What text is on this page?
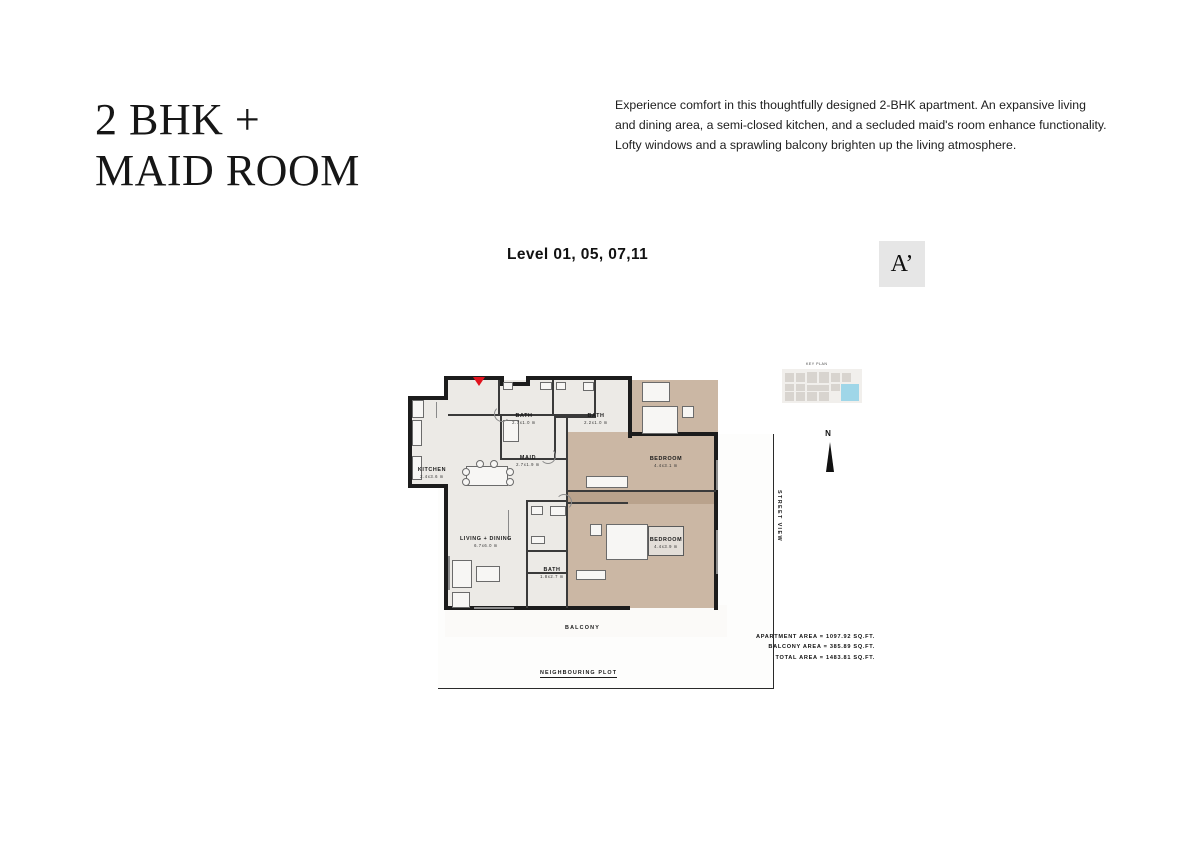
2 BHK +
MAID ROOM
Experience comfort in this thoughtfully designed 2-BHK apartment. An expansive living and dining area, a semi-closed kitchen, and a secluded maid's room enhance functionality. Lofty windows and a sprawling balcony brighten up the living atmosphere.
Level 01, 05, 07,11	A’
KITCHEN
2.4x3.6 m
BATH
2.7x1.0 m
BATH
2.2x1.0 m
MAID
2.7x1.9 m
BEDROOM
4.4x3.1 m
LIVING + DINING
6.7x6.0 m
BATH
1.8x2.7 m
BEDROOM
4.4x3.9 m
STREET VIEW
BALCONY
NEIGHBOURING PLOT
APARTMENT AREA = 1097.92 SQ.FT.
BALCONY AREA = 385.89 SQ.FT.
TOTAL AREA = 1483.81 SQ.FT.
N
KEY PLAN
